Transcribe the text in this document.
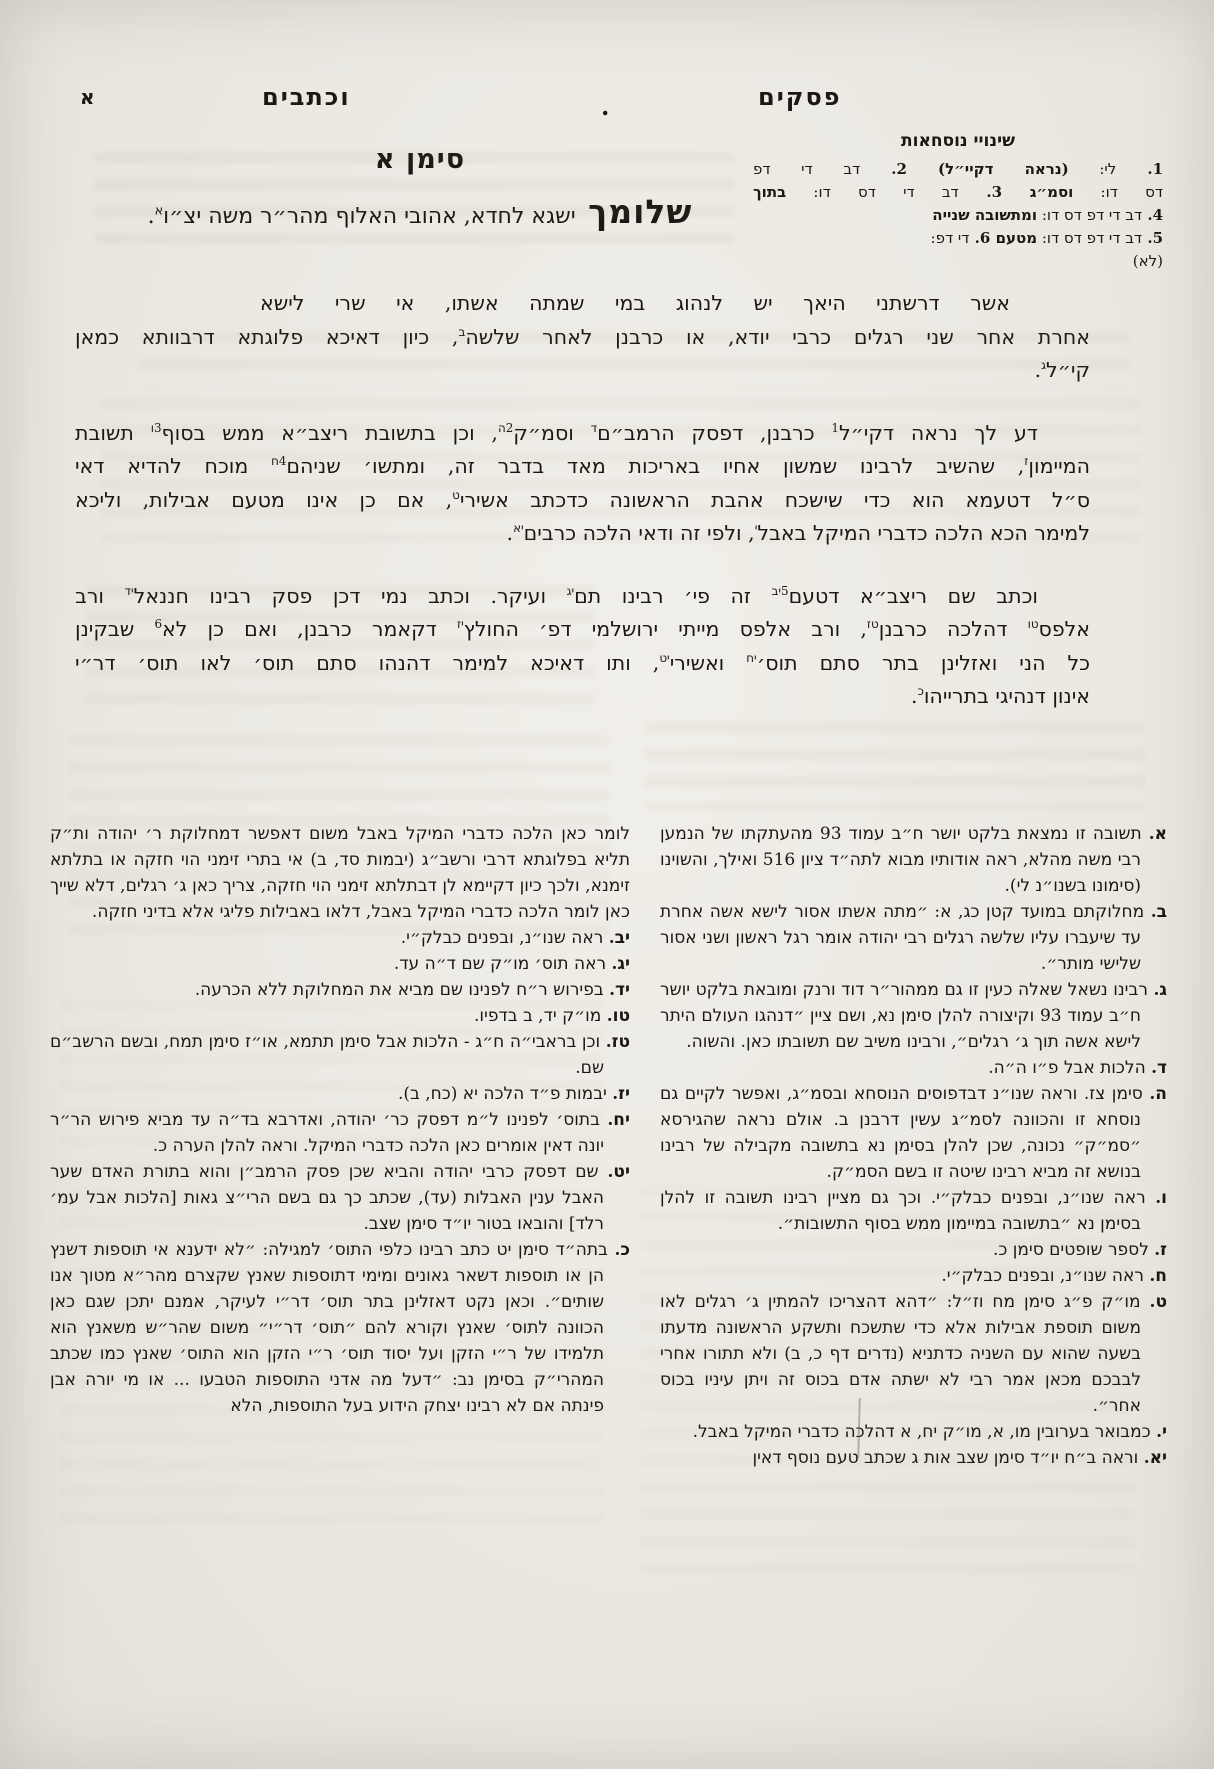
פסקים
וכתבים
א	.
שינויי נוסחאות
1. לי: (נראה דקיי״ל) 2. דב די דפ
דס דו: וסמ״ג 3. דב די דס דו: בתוך
4. דב די דפ דס דו: ומתשובה שנייה
5. דב די דפ דס דו: מטעם 6. די דפ:
(לא)
סימן א
שלומך ישגא לחדא, אהובי האלוף מהר״ר משה יצ״ו$^א$.
אשר דרשתני היאך יש לנהוג במי שמתה אשתו, אי שרי לישא
אחרת אחר שני רגלים כרבי יודא, או כרבנן לאחר שלשה$^ב$, כיון דאיכא פלוגתא דרבוותא כמאן
קי״ל$^ג$.
דע לך נראה דקי״ל$^1$ כרבנן, דפסק הרמב״ם$^ד$ וסמ״ק$^{2ה}$, וכן בתשובת ריצב״א ממש בסוף$^{3ו}$ תשובת
המיימון$^ז$, שהשיב לרבינו שמשון אחיו באריכות מאד בדבר זה, ומתשו׳ שניהם$^{4ח}$ מוכח להדיא דאי
ס״ל דטעמא הוא כדי שישכח אהבת הראשונה כדכתב אשירי$^ט$, אם כן אינו מטעם אבילות, וליכא
למימר הכא הלכה כדברי המיקל באבל$^י$, ולפי זה ודאי הלכה כרבים$^{יא}$.
וכתב שם ריצב״א דטעם$^{5יב}$ זה פי׳ רבינו תם$^{יג}$ ועיקר. וכתב נמי דכן פסק רבינו חננאל$^{יד}$ ורב
אלפס$^{טו}$ דהלכה כרבנן$^{טז}$, ורב אלפס מייתי ירושלמי דפ׳ החולץ$^{יז}$ דקאמר כרבנן, ואם כן לא$^6$ שבקינן
כל הני ואזלינן בתר סתם תוס׳$^{יח}$ ואשירי$^{יט}$, ותו דאיכא למימר דהנהו סתם תוס׳ לאו תוס׳ דר״י
אינון דנהיגי בתרייהו$^כ$.
א. תשובה זו נמצאת בלקט יושר ח״ב עמוד 93 מהעתקתו של הנמען רבי משה מהלא, ראה אודותיו מבוא לתה״ד ציון 516 ואילך, והשוינו (סימונו בשנו״נ לי).
ב. מחלוקתם במועד קטן כג, א: ״מתה אשתו אסור לישא אשה אחרת עד שיעברו עליו שלשה רגלים רבי יהודה אומר רגל ראשון ושני אסור שלישי מותר״.
ג. רבינו נשאל שאלה כעין זו גם ממהור״ר דוד ורנק ומובאת בלקט יושר ח״ב עמוד 93 וקיצורה להלן סימן נא, ושם ציין ״דנהגו העולם היתר לישא אשה תוך ג׳ רגלים״, ורבינו משיב שם תשובתו כאן. והשוה.
ד. הלכות אבל פ״ו ה״ה.
ה. סימן צז. וראה שנו״נ דבדפוסים הנוסחא ובסמ״ג, ואפשר לקיים גם נוסחא זו והכוונה לסמ״ג עשין דרבנן ב. אולם נראה שהגירסא ״סמ״ק״ נכונה, שכן להלן בסימן נא בתשובה מקבילה של רבינו בנושא זה מביא רבינו שיטה זו בשם הסמ״ק.
ו. ראה שנו״נ, ובפנים כבלק״י. וכך גם מציין רבינו תשובה זו להלן בסימן נא ״בתשובה במיימון ממש בסוף התשובות״.
ז. לספר שופטים סימן כ.
ח. ראה שנו״נ, ובפנים כבלק״י.
ט. מו״ק פ״ג סימן מח וז״ל: ״דהא דהצריכו להמתין ג׳ רגלים לאו משום תוספת אבילות אלא כדי שתשכח ותשקע הראשונה מדעתו בשעה שהוא עם השניה כדתניא (נדרים דף כ, ב) ולא תתורו אחרי לבבכם מכאן אמר רבי לא ישתה אדם בכוס זה ויתן עיניו בכוס אחר״.
י. כמבואר בערובין מו, א, מו״ק יח, א דהלכה כדברי המיקל באבל.
יא. וראה ב״ח יו״ד סימן שצב אות ג שכתב טעם נוסף דאין
לומר כאן הלכה כדברי המיקל באבל משום דאפשר דמחלוקת ר׳ יהודה ות״ק תליא בפלוגתא דרבי ורשב״ג (יבמות סד, ב) אי בתרי זימני הוי חזקה או בתלתא זימנא, ולכך כיון דקיימא לן דבתלתא זימני הוי חזקה, צריך כאן ג׳ רגלים, דלא שייך כאן לומר הלכה כדברי המיקל באבל, דלאו באבילות פליגי אלא בדיני חזקה.
יב. ראה שנו״נ, ובפנים כבלק״י.
יג. ראה תוס׳ מו״ק שם ד״ה עד.
יד. בפירוש ר״ח לפנינו שם מביא את המחלוקת ללא הכרעה.
טו. מו״ק יד, ב בדפיו.
טז. וכן בראבי״ה ח״ג - הלכות אבל סימן תתמא, או״ז סימן תמח, ובשם הרשב״ם שם.
יז. יבמות פ״ד הלכה יא (כח, ב).
יח. בתוס׳ לפנינו ל״מ דפסק כר׳ יהודה, ואדרבא בד״ה עד מביא פירוש הר״ר יונה דאין אומרים כאן הלכה כדברי המיקל. וראה להלן הערה כ.
יט. שם דפסק כרבי יהודה והביא שכן פסק הרמב״ן והוא בתורת האדם שער האבל ענין האבלות (עד), שכתב כך גם בשם הרי״צ גאות [הלכות אבל עמ׳ רלד] והובאו בטור יו״ד סימן שצב.
כ. בתה״ד סימן יט כתב רבינו כלפי התוס׳ למגילה: ״לא ידענא אי תוספות דשנץ הן או תוספות דשאר גאונים ומימי דתוספות שאנץ שקצרם מהר״א מטוך אנו שותים״. וכאן נקט דאזלינן בתר תוס׳ דר״י לעיקר, אמנם יתכן שגם כאן הכוונה לתוס׳ שאנץ וקורא להם ״תוס׳ דר״י״ משום שהר״ש משאנץ הוא תלמידו של ר״י הזקן ועל יסוד תוס׳ ר״י הזקן הוא התוס׳ שאנץ כמו שכתב המהרי״ק בסימן נב: ״דעל מה אדני התוספות הטבעו ... או מי יורה אבן פינתה אם לא רבינו יצחק הידוע בעל התוספות, הלא
